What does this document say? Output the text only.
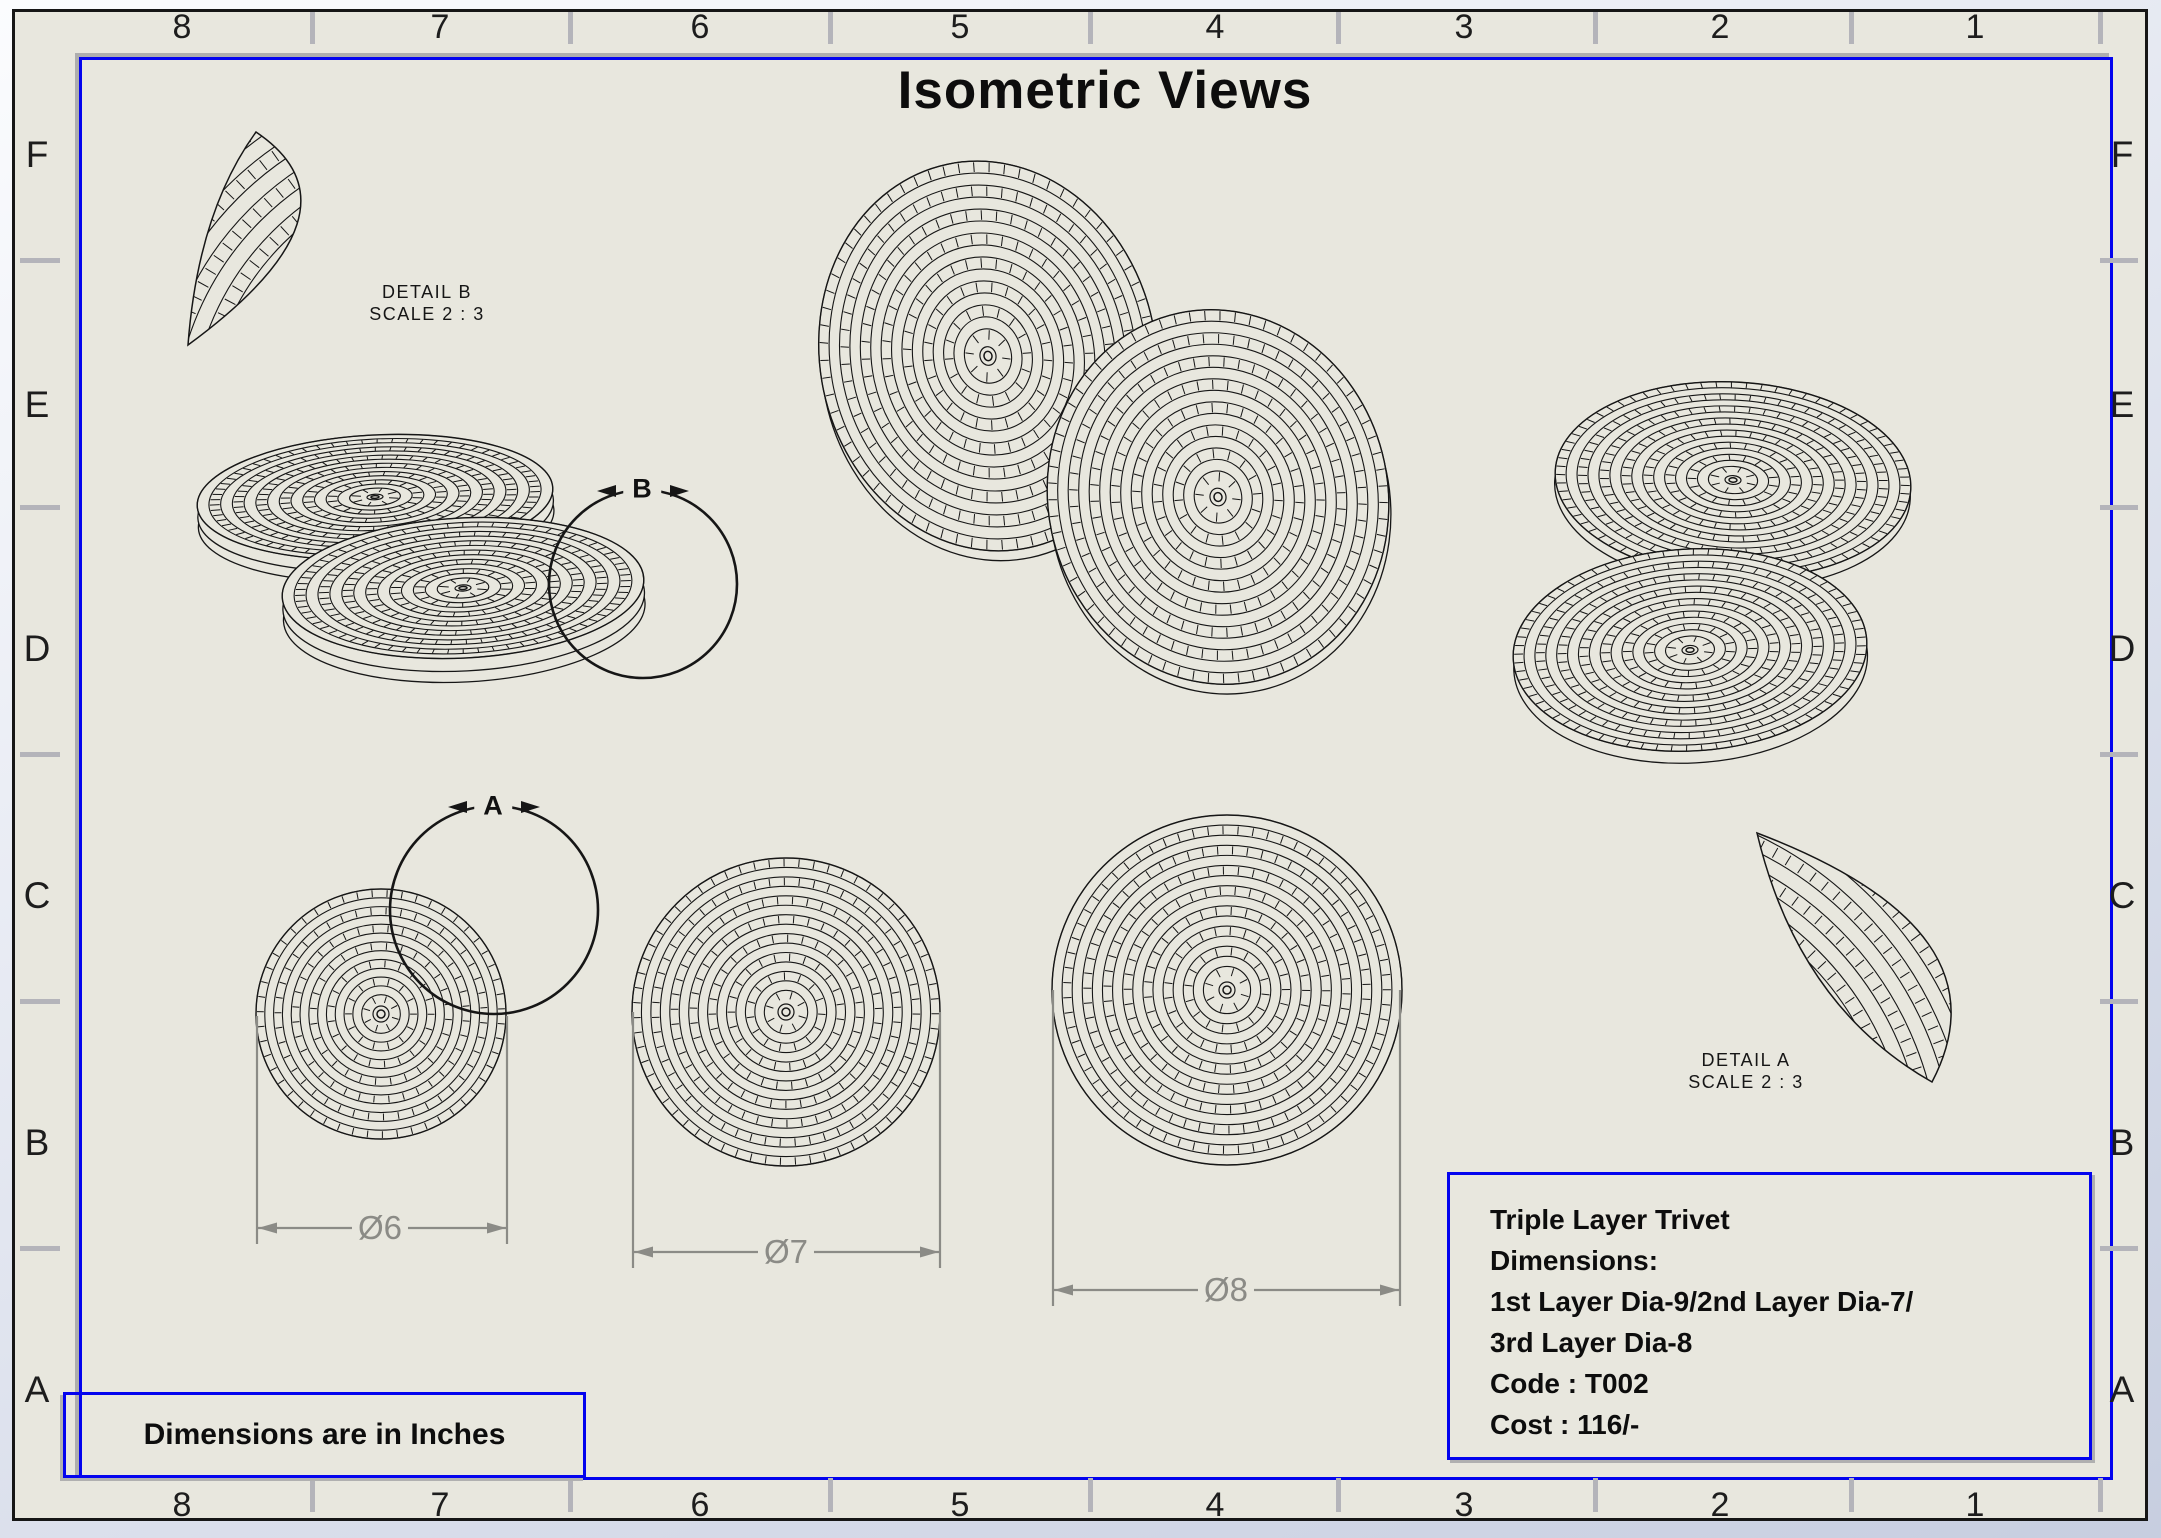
8
8
7
7
6
6
5
5
4
4
3
3
2
2
1
1
F	F
E	E
D	D
C	C
B	B
A	A
Isometric Views
DETAIL B
SCALE 2 : 3
DETAIL A
SCALE 2 : 3
B
A
Ø6
Ø7
Ø8
Triple Layer Trivet
Dimensions:
1st Layer Dia-9/2nd Layer Dia-7/
3rd Layer Dia-8
Code : T002
Cost : 116/-
Dimensions are in Inches
